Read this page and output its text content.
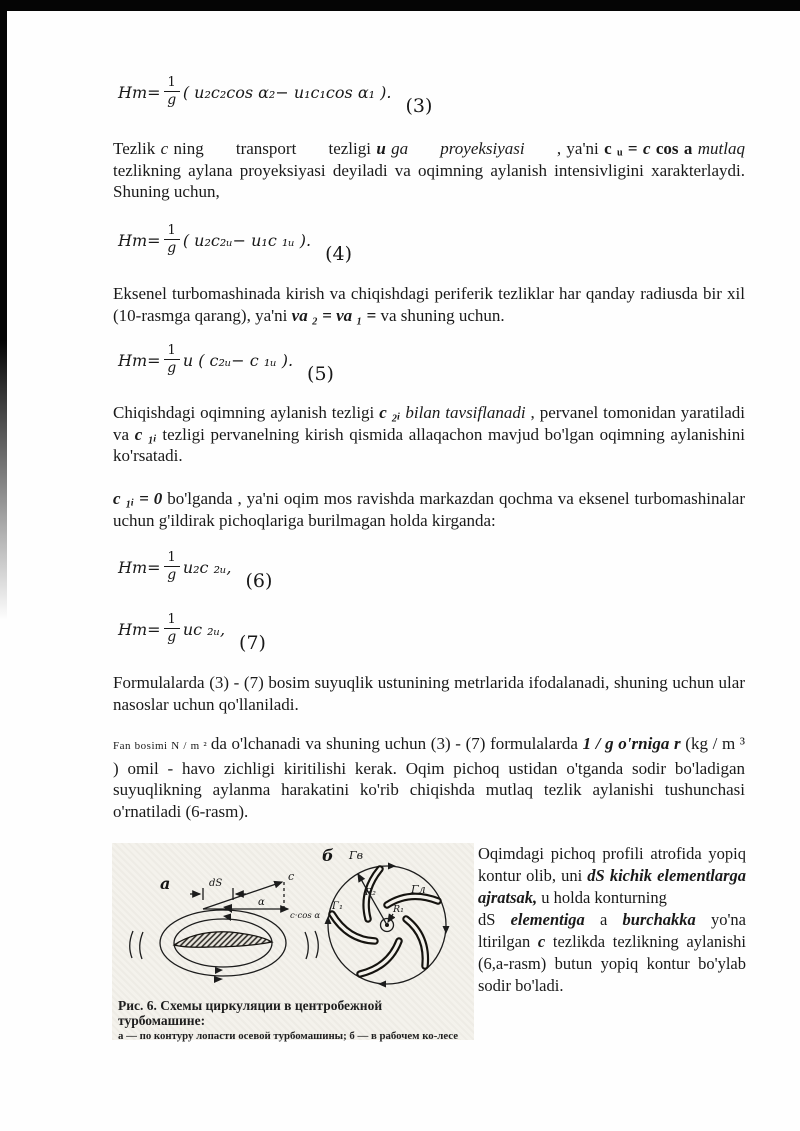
$Hm= \frac{1}{g}$ ( u₂c₂cos α₂− u₁c₁cos α₁ ).
(3)
Tezlik c ning      transport      tezligi u ga proyeksiyasi      , ya'ni c ᵤ = c cos a mutlaq tezlikning aylana proyeksiyasi deyiladi va oqimning aylanish intensivligini xarakterlaydi. Shuning uchun,
$Hm= \frac{1}{g}$ ( u₂c₂ᵤ− u₁c ₁ᵤ ).
(4)
Eksenel turbomashinada kirish va chiqishdagi periferik tezliklar har qanday radiusda bir xil (10-rasmga qarang), ya'ni va ₂ = va ₁ = va shuning uchun.
$Hm= \frac{1}{g}$ u ( c₂ᵤ− c ₁ᵤ ).
(5)
Chiqishdagi oqimning aylanish tezligi c ₂ᵢ bilan tavsiflanadi , pervanel tomonidan yaratiladi va c ₁ᵢ tezligi pervanelning kirish qismida allaqachon mavjud bo'lgan oqimning aylanishini ko'rsatadi.
c ₁ᵢ = 0 bo'lganda , ya'ni oqim mos ravishda markazdan qochma va eksenel turbomashinalar uchun g'ildirak pichoqlariga burilmagan holda kirganda:
$Hm= \frac{1}{g} u_2c$ ₂ᵤ,
(6)
$Hm= \frac{1}{g}$ uc ₂ᵤ,
(7)
Formulalarda (3) - (7) bosim suyuqlik ustunining metrlarida ifodalanadi, shuning uchun ular nasoslar uchun qo'llaniladi.
Fan bosimi N / m ² da o'lchanadi va shuning uchun (3) - (7) formulalarda 1 / g o'rniga r (kg / m ³ ) omil - havo zichligi kiritilishi kerak. Oqim pichoq ustidan o'tganda sodir bo'ladigan suyuqlikning aylanma harakatini ko'rib chiqishda mutlaq tezlik aylanishi tushunchasi o'rnatiladi (6-rasm).
а	c
α
c·cos α
dS
б
R₂
R₁
Γв
Γл
Γ₁
Рис. 6. Схемы циркуляции в центробежной турбомашине:
а — по контуру лопасти осевой турбомашины; б — в рабочем ко-лесе
Oqimdagi pichoq profili atrofida yopiq kontur olib, uni dS kichik elementlarga ajratsak, u holda konturning
dS elementiga a burchakka yo'na ltirilgan c tezlikda tezlikning aylanishi (6,a-rasm) butun yopiq kontur bo'ylab sodir bo'ladi.
